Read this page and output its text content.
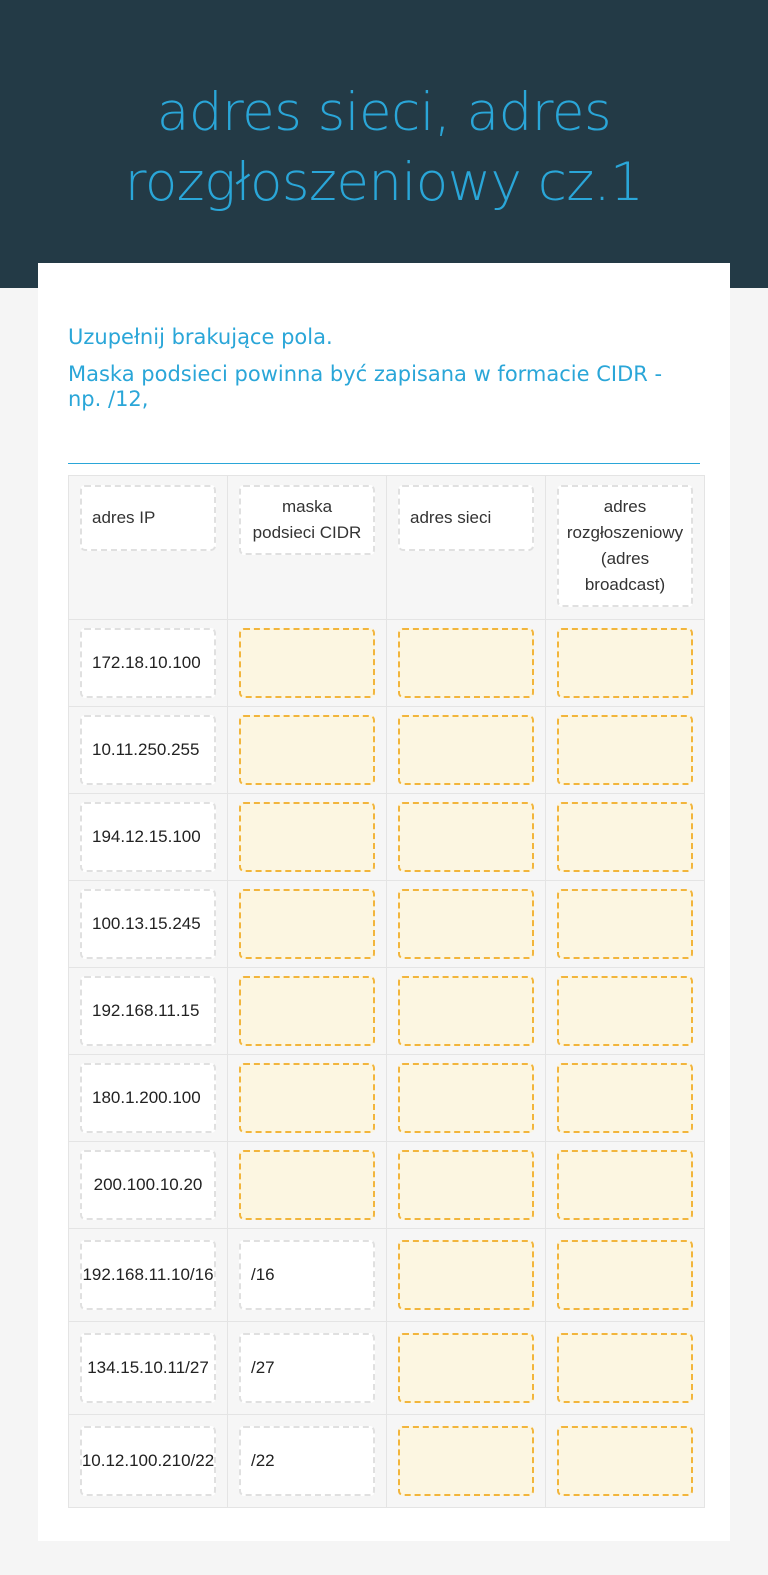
adres sieci, adres rozgłoszeniowy cz.1

Uzupełnij brakujące pola.

Maska podsieci powinna być zapisana w formacie CIDR - np. /12,

adres IP	maska podsieci CIDR	adres sieci	adres rozgłoszeniowy (adres broadcast)

172.18.10.100			

10.11.250.255			

194.12.15.100			

100.13.15.245			

192.168.11.15			

180.1.200.100			

200.100.10.20			

192.168.11.10/16	/16		

134.15.10.11/27	/27		

10.12.100.210/22	/22		
